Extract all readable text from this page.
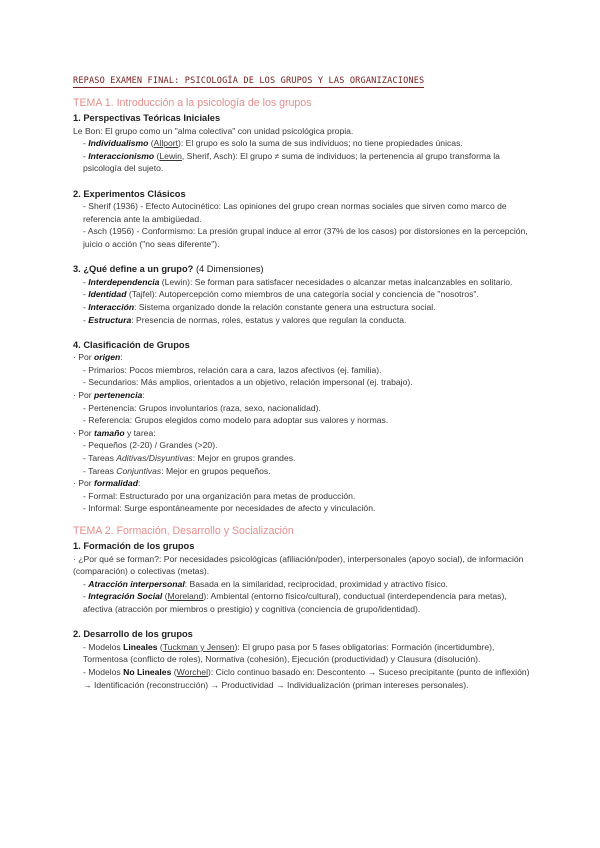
REPASO EXAMEN FINAL: PSICOLOGÍA DE LOS GRUPOS Y LAS ORGANIZACIONES
TEMA 1. Introducción a la psicología de los grupos
1. Perspectivas Teóricas Iniciales

Le Bon: El grupo como un "alma colectiva" con unidad psicológica propia.

- Individualismo (Allport): El grupo es solo la suma de sus individuos; no tiene propiedades únicas.

- Interaccionismo (Lewin, Sherif, Asch): El grupo ≠ suma de individuos; la pertenencia al grupo transforma la psicología del sujeto.

2. Experimentos Clásicos

- Sherif (1936) - Efecto Autocinético: Las opiniones del grupo crean normas sociales que sirven como marco de referencia ante la ambigüedad.

- Asch (1956) - Conformismo: La presión grupal induce al error (37% de los casos) por distorsiones en la percepción, juicio o acción ("no seas diferente").

3. ¿Qué define a un grupo? (4 Dimensiones)

- Interdependencia (Lewin): Se forman para satisfacer necesidades o alcanzar metas inalcanzables en solitario.

- Identidad (Tajfel): Autopercepción como miembros de una categoría social y conciencia de "nosotros".

- Interacción: Sistema organizado donde la relación constante genera una estructura social.

- Estructura: Presencia de normas, roles, estatus y valores que regulan la conducta.

4. Clasificación de Grupos

· Por origen:

- Primarios: Pocos miembros, relación cara a cara, lazos afectivos (ej. familia).

- Secundarios: Más amplios, orientados a un objetivo, relación impersonal (ej. trabajo).

· Por pertenencia:

- Pertenencia: Grupos involuntarios (raza, sexo, nacionalidad).

- Referencia: Grupos elegidos como modelo para adoptar sus valores y normas.

· Por tamaño y tarea:

- Pequeños (2-20) / Grandes (>20).

- Tareas Aditivas/Disyuntivas: Mejor en grupos grandes.

- Tareas Conjuntivas: Mejor en grupos pequeños.

· Por formalidad:

- Formal: Estructurado por una organización para metas de producción.

- Informal: Surge espontáneamente por necesidades de afecto y vinculación.

TEMA 2. Formación, Desarrollo y Socialización
1. Formación de los grupos

· ¿Por qué se forman?: Por necesidades psicológicas (afiliación/poder), interpersonales (apoyo social), de información (comparación) o colectivas (metas).

- Atracción interpersonal: Basada en la similaridad, reciprocidad, proximidad y atractivo físico.

- Integración Social (Moreland): Ambiental (entorno físico/cultural), conductual (interdependencia para metas), afectiva (atracción por miembros o prestigio) y cognitiva (conciencia de grupo/identidad).

2. Desarrollo de los grupos

- Modelos Lineales (Tuckman y Jensen): El grupo pasa por 5 fases obligatorias: Formación (incertidumbre), Tormentosa (conflicto de roles), Normativa (cohesión), Ejecución (productividad) y Clausura (disolución).

- Modelos No Lineales (Worchel): Ciclo continuo basado en: Descontento → Suceso precipitante (punto de inflexión) → Identificación (reconstrucción) → Productividad → Individualización (priman intereses personales).
